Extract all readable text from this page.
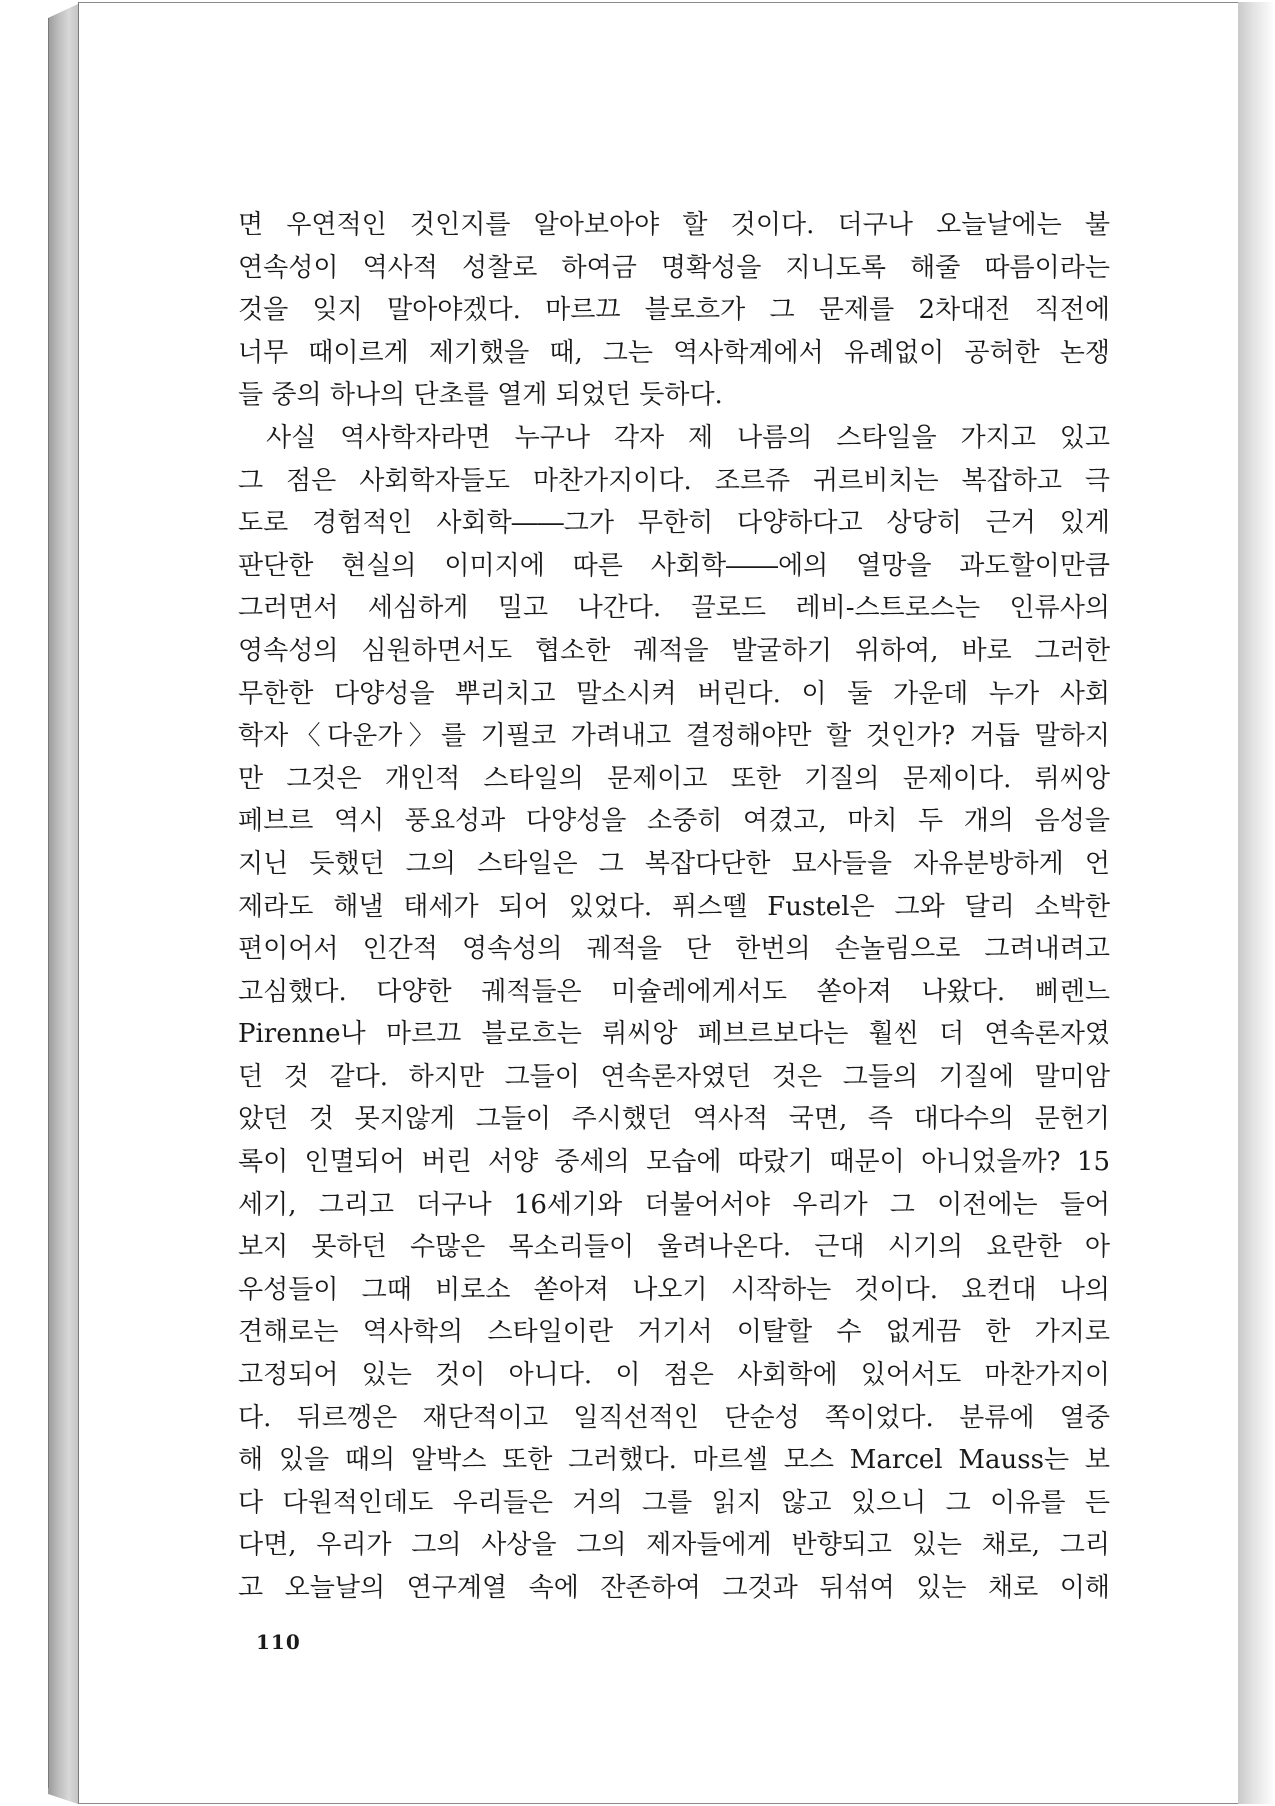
면 우연적인 것인지를 알아보아야 할 것이다. 더구나 오늘날에는 불
연속성이 역사적 성찰로 하여금 명확성을 지니도록 해줄 따름이라는
것을 잊지 말아야겠다. 마르끄 블로흐가 그 문제를 2차대전 직전에
너무 때이르게 제기했을 때, 그는 역사학계에서 유례없이 공허한 논쟁
들 중의 하나의 단초를 열게 되었던 듯하다.
사실 역사학자라면 누구나 각자 제 나름의 스타일을 가지고 있고
그 점은 사회학자들도 마찬가지이다. 조르쥬 귀르비치는 복잡하고 극
도로 경험적인 사회학――그가 무한히 다양하다고 상당히 근거 있게
판단한 현실의 이미지에 따른 사회학――에의 열망을 과도할이만큼
그러면서 세심하게 밀고 나간다. 끌로드 레비-스트로스는 인류사의
영속성의 심원하면서도 협소한 궤적을 발굴하기 위하여, 바로 그러한
무한한 다양성을 뿌리치고 말소시켜 버린다. 이 둘 가운데 누가 사회
학자〈다운가〉를 기필코 가려내고 결정해야만 할 것인가? 거듭 말하지
만 그것은 개인적 스타일의 문제이고 또한 기질의 문제이다. 뤼씨앙
페브르 역시 풍요성과 다양성을 소중히 여겼고, 마치 두 개의 음성을
지닌 듯했던 그의 스타일은 그 복잡다단한 묘사들을 자유분방하게 언
제라도 해낼 태세가 되어 있었다. 퓌스뗄 Fustel은 그와 달리 소박한
편이어서 인간적 영속성의 궤적을 단 한번의 손놀림으로 그려내려고
고심했다. 다양한 궤적들은 미슐레에게서도 쏟아져 나왔다. 삐렌느
Pirenne나 마르끄 블로흐는 뤼씨앙 페브르보다는 훨씬 더 연속론자였
던 것 같다. 하지만 그들이 연속론자였던 것은 그들의 기질에 말미암
았던 것 못지않게 그들이 주시했던 역사적 국면, 즉 대다수의 문헌기
록이 인멸되어 버린 서양 중세의 모습에 따랐기 때문이 아니었을까? 15
세기, 그리고 더구나 16세기와 더불어서야 우리가 그 이전에는 들어
보지 못하던 수많은 목소리들이 울려나온다. 근대 시기의 요란한 아
우성들이 그때 비로소 쏟아져 나오기 시작하는 것이다. 요컨대 나의
견해로는 역사학의 스타일이란 거기서 이탈할 수 없게끔 한 가지로
고정되어 있는 것이 아니다. 이 점은 사회학에 있어서도 마찬가지이
다. 뒤르껭은 재단적이고 일직선적인 단순성 쪽이었다. 분류에 열중
해 있을 때의 알박스 또한 그러했다. 마르셀 모스 Marcel Mauss는 보
다 다원적인데도 우리들은 거의 그를 읽지 않고 있으니 그 이유를 든
다면, 우리가 그의 사상을 그의 제자들에게 반향되고 있는 채로, 그리
고 오늘날의 연구계열 속에 잔존하여 그것과 뒤섞여 있는 채로 이해
110
